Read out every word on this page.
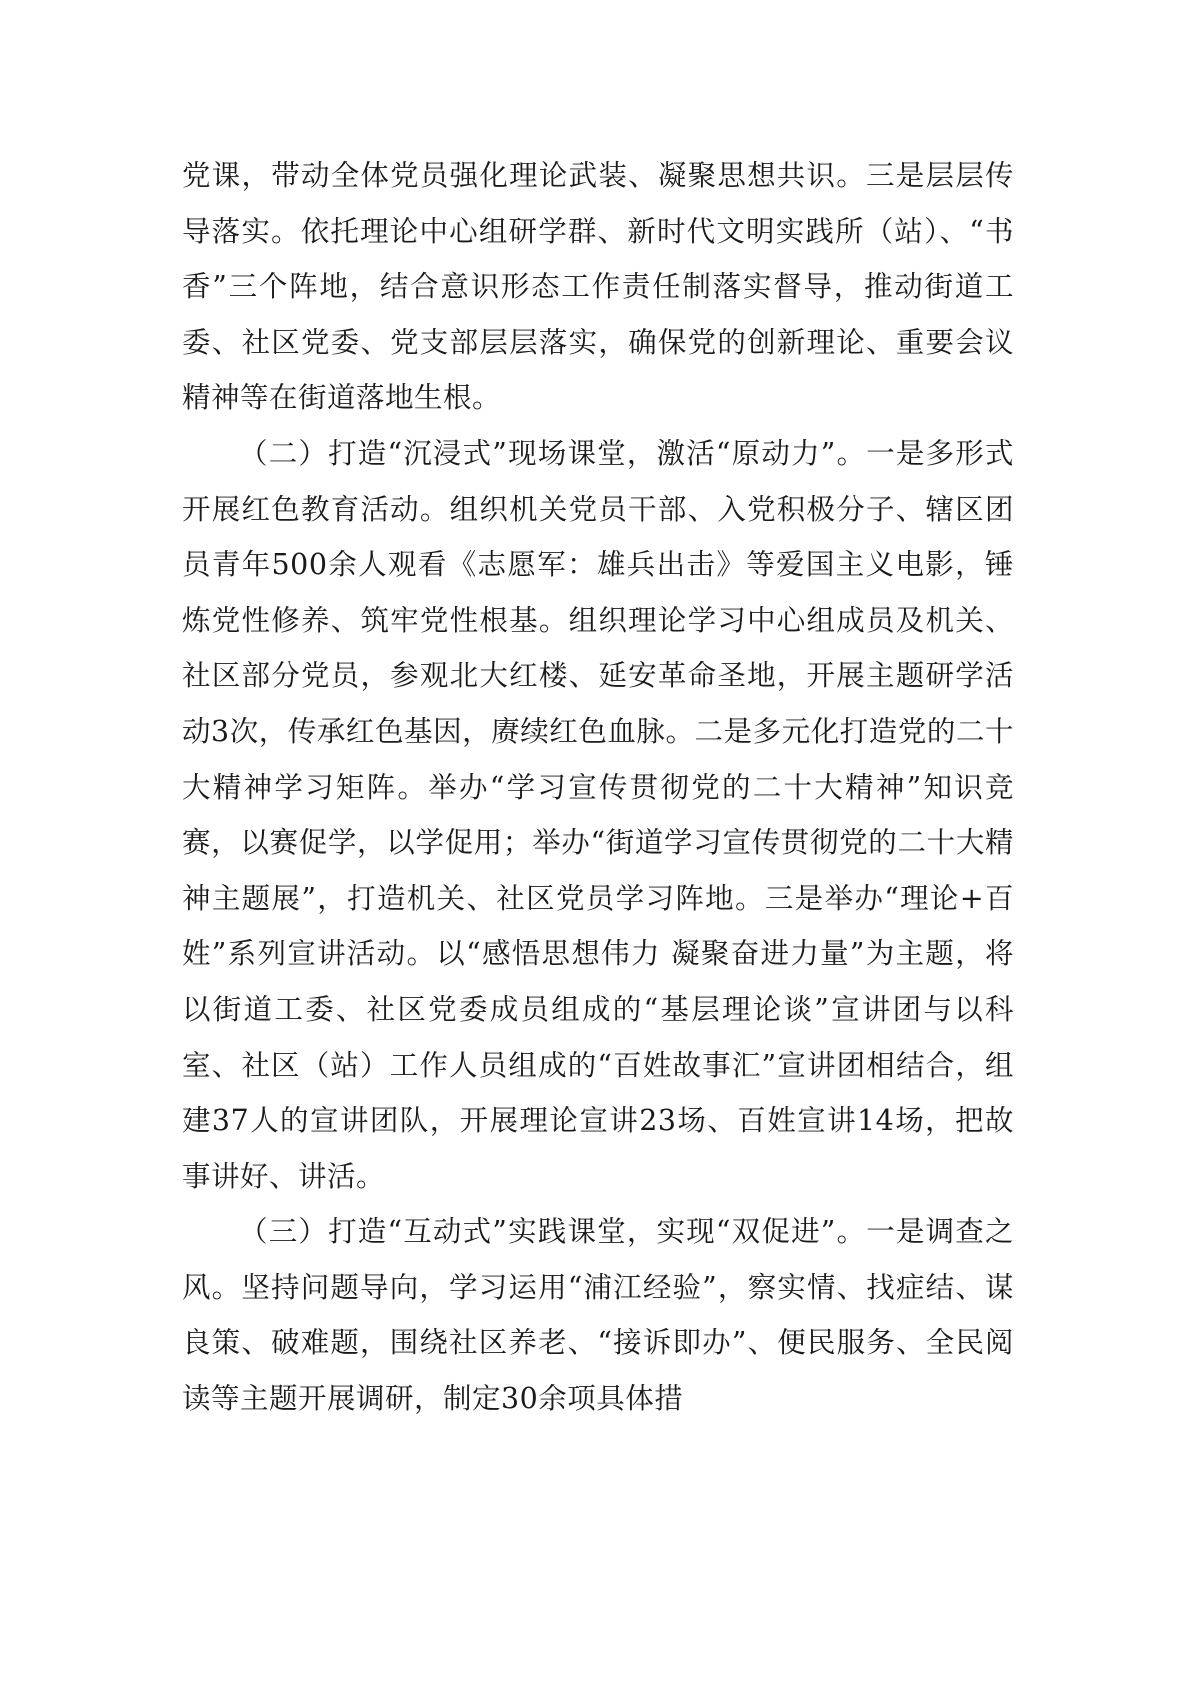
党课，带动全体党员强化理论武装、凝聚思想共识。三是层层传导落实。依托理论中心组研学群、新时代文明实践所（站）、“书香”三个阵地，结合意识形态工作责任制落实督导，推动街道工委、社区党委、党支部层层落实，确保党的创新理论、重要会议精神等在街道落地生根。

（二）打造“沉浸式”现场课堂，激活“原动力”。一是多形式开展红色教育活动。组织机关党员干部、入党积极分子、辖区团员青年500余人观看《志愿军：雄兵出击》等爱国主义电影，锤炼党性修养、筑牢党性根基。组织理论学习中心组成员及机关、社区部分党员，参观北大红楼、延安革命圣地，开展主题研学活动3次，传承红色基因，赓续红色血脉。二是多元化打造党的二十大精神学习矩阵。举办“学习宣传贯彻党的二十大精神”知识竞赛，以赛促学，以学促用；举办“街道学习宣传贯彻党的二十大精神主题展”，打造机关、社区党员学习阵地。三是举办“理论+百姓”系列宣讲活动。以“感悟思想伟力 凝聚奋进力量”为主题，将以街道工委、社区党委成员组成的“基层理论谈”宣讲团与以科室、社区（站）工作人员组成的“百姓故事汇”宣讲团相结合，组建37人的宣讲团队，开展理论宣讲23场、百姓宣讲14场，把故事讲好、讲活。

（三）打造“互动式”实践课堂，实现“双促进”。一是调查之风。坚持问题导向，学习运用“浦江经验”，察实情、找症结、谋良策、破难题，围绕社区养老、“接诉即办”、便民服务、全民阅读等主题开展调研，制定30余项具体措
